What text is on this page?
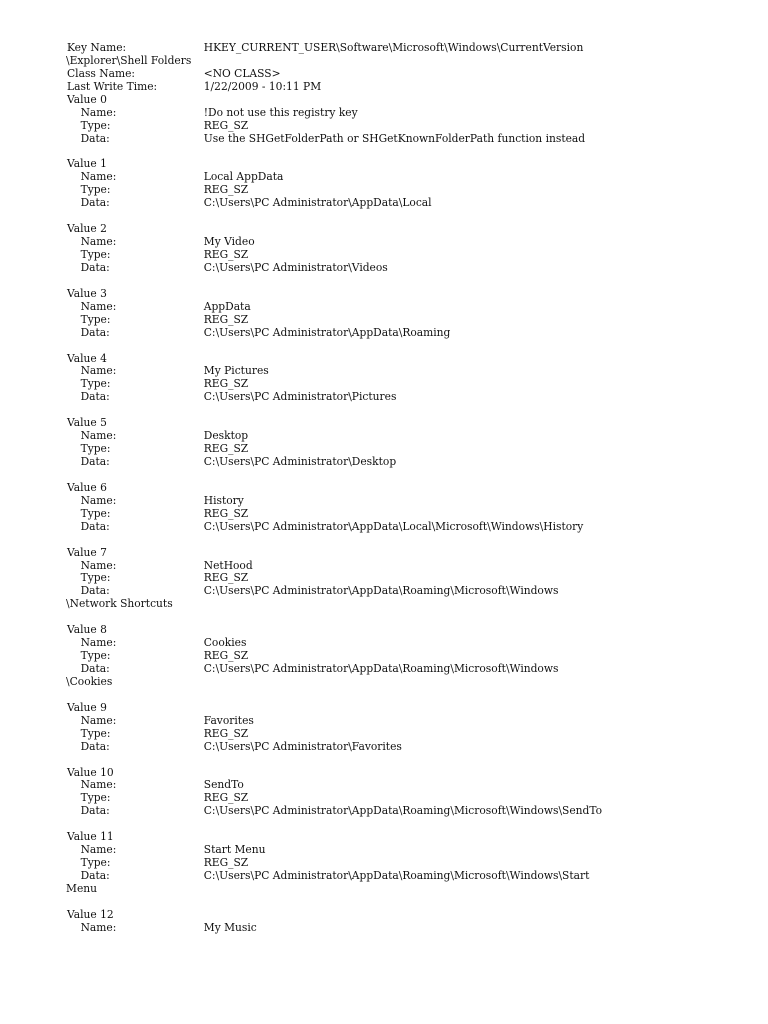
Key Name:	HKEY_CURRENT_USER\Software\Microsoft\Windows\CurrentVersion
\Explorer\Shell Folders
Class Name:	<NO CLASS>
Last Write Time:	1/22/2009 - 10:11 PM
Value 0
Name:	!Do not use this registry key
Type:	REG_SZ
Data:	Use the SHGetFolderPath or SHGetKnownFolderPath function instead
Value 1
Name:	Local AppData
Type:	REG_SZ
Data:	C:\Users\PC Administrator\AppData\Local
Value 2
Name:	My Video
Type:	REG_SZ
Data:	C:\Users\PC Administrator\Videos
Value 3
Name:	AppData
Type:	REG_SZ
Data:	C:\Users\PC Administrator\AppData\Roaming
Value 4
Name:	My Pictures
Type:	REG_SZ
Data:	C:\Users\PC Administrator\Pictures
Value 5
Name:	Desktop
Type:	REG_SZ
Data:	C:\Users\PC Administrator\Desktop
Value 6
Name:	History
Type:	REG_SZ
Data:	C:\Users\PC Administrator\AppData\Local\Microsoft\Windows\History
Value 7
Name:	NetHood
Type:	REG_SZ
Data:	C:\Users\PC Administrator\AppData\Roaming\Microsoft\Windows
\Network Shortcuts
Value 8
Name:	Cookies
Type:	REG_SZ
Data:	C:\Users\PC Administrator\AppData\Roaming\Microsoft\Windows
\Cookies
Value 9
Name:	Favorites
Type:	REG_SZ
Data:	C:\Users\PC Administrator\Favorites
Value 10
Name:	SendTo
Type:	REG_SZ
Data:	C:\Users\PC Administrator\AppData\Roaming\Microsoft\Windows\SendTo
Value 11
Name:	Start Menu
Type:	REG_SZ
Data:	C:\Users\PC Administrator\AppData\Roaming\Microsoft\Windows\Start
Menu
Value 12
Name:	My Music
